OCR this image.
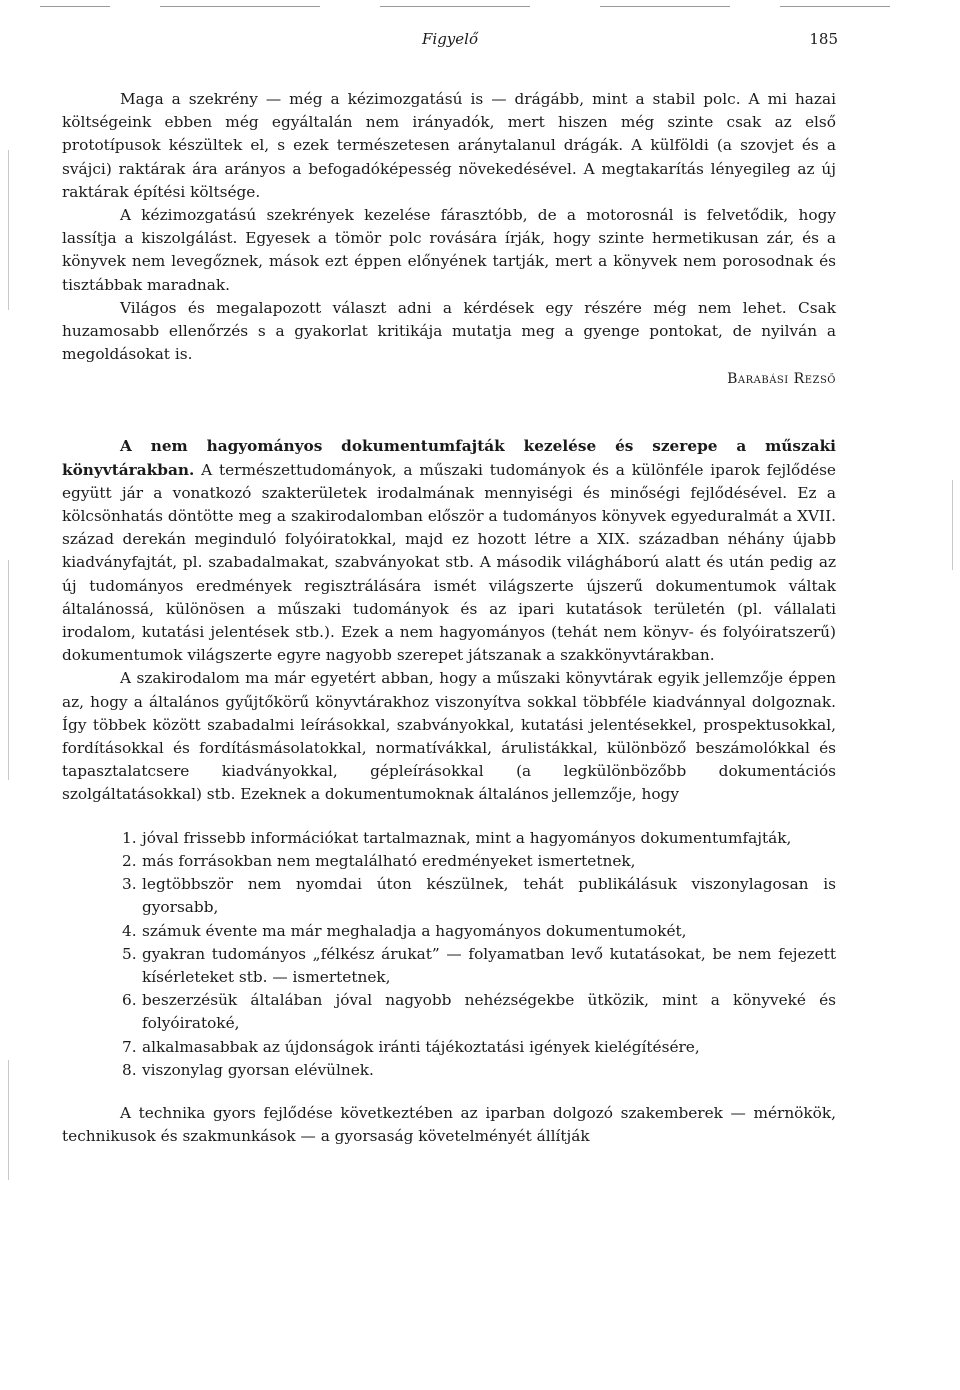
Figyelő	185

Maga a szekrény — még a kézimozgatású is — drágább, mint a stabil polc. A mi hazai költségeink ebben még egyáltalán nem irányadók, mert hiszen még szinte csak az első prototípusok készültek el, s ezek természetesen aránytalanul drágák. A külföldi (a szovjet és a svájci) raktárak ára arányos a befogadóképesség növekedésével. A megtakarítás lényegileg az új raktárak építési költsége.

A kézimozgatású szekrények kezelése fárasztóbb, de a motorosnál is felvetődik, hogy lassítja a kiszolgálást. Egyesek a tömör polc rovására írják, hogy szinte hermetikusan zár, és a könyvek nem levegőznek, mások ezt éppen előnyének tartják, mert a könyvek nem porosodnak és tisztábbak maradnak.

Világos és megalapozott választ adni a kérdések egy részére még nem lehet. Csak huzamosabb ellenőrzés s a gyakorlat kritikája mutatja meg a gyenge pontokat, de nyilván a megoldásokat is.

Barabási Rezső

A nem hagyományos dokumentumfajták kezelése és szerepe a műszaki könyvtárakban. A természettudományok, a műszaki tudományok és a különféle iparok fejlődése együtt jár a vonatkozó szakterületek irodalmának mennyiségi és minőségi fejlődésével. Ez a kölcsönhatás döntötte meg a szakirodalomban először a tudományos könyvek egyeduralmát a XVII. század derekán meginduló folyóiratokkal, majd ez hozott létre a XIX. században néhány újabb kiadványfajtát, pl. szabadalmakat, szabványokat stb. A második világháború alatt és után pedig az új tudományos eredmények regisztrálására ismét világszerte újszerű dokumentumok váltak általánossá, különösen a műszaki tudományok és az ipari kutatások területén (pl. vállalati irodalom, kutatási jelentések stb.). Ezek a nem hagyományos (tehát nem könyv- és folyóiratszerű) dokumentumok világszerte egyre nagyobb szerepet játszanak a szakkönyvtárakban.

A szakirodalom ma már egyetért abban, hogy a műszaki könyvtárak egyik jellemzője éppen az, hogy a általános gyűjtőkörű könyvtárakhoz viszonyítva sokkal többféle kiadvánnyal dolgoznak. Így többek között szabadalmi leírásokkal, szabványokkal, kutatási jelentésekkel, prospektusokkal, fordításokkal és fordításmásolatokkal, normatívákkal, árulistákkal, különböző beszámolókkal és tapasztalatcsere kiadványokkal, gépleírásokkal (a legkülönbözőbb dokumentációs szolgáltatásokkal) stb. Ezeknek a dokumentumoknak általános jellemzője, hogy

1. jóval frissebb információkat tartalmaznak, mint a hagyományos dokumentumfajták,
2. más forrásokban nem megtalálható eredményeket ismertetnek,
3. legtöbbször nem nyomdai úton készülnek, tehát publikálásuk viszonylagosan is gyorsabb,
4. számuk évente ma már meghaladja a hagyományos dokumentumokét,
5. gyakran tudományos „félkész árukat” — folyamatban levő kutatásokat, be nem fejezett kísérleteket stb. — ismertetnek,
6. beszerzésük általában jóval nagyobb nehézségekbe ütközik, mint a könyveké és folyóiratoké,
7. alkalmasabbak az újdonságok iránti tájékoztatási igények kielégítésére,
8. viszonylag gyorsan elévülnek.

A technika gyors fejlődése következtében az iparban dolgozó szakemberek — mérnökök, technikusok és szakmunkások — a gyorsaság követelményét állítják
